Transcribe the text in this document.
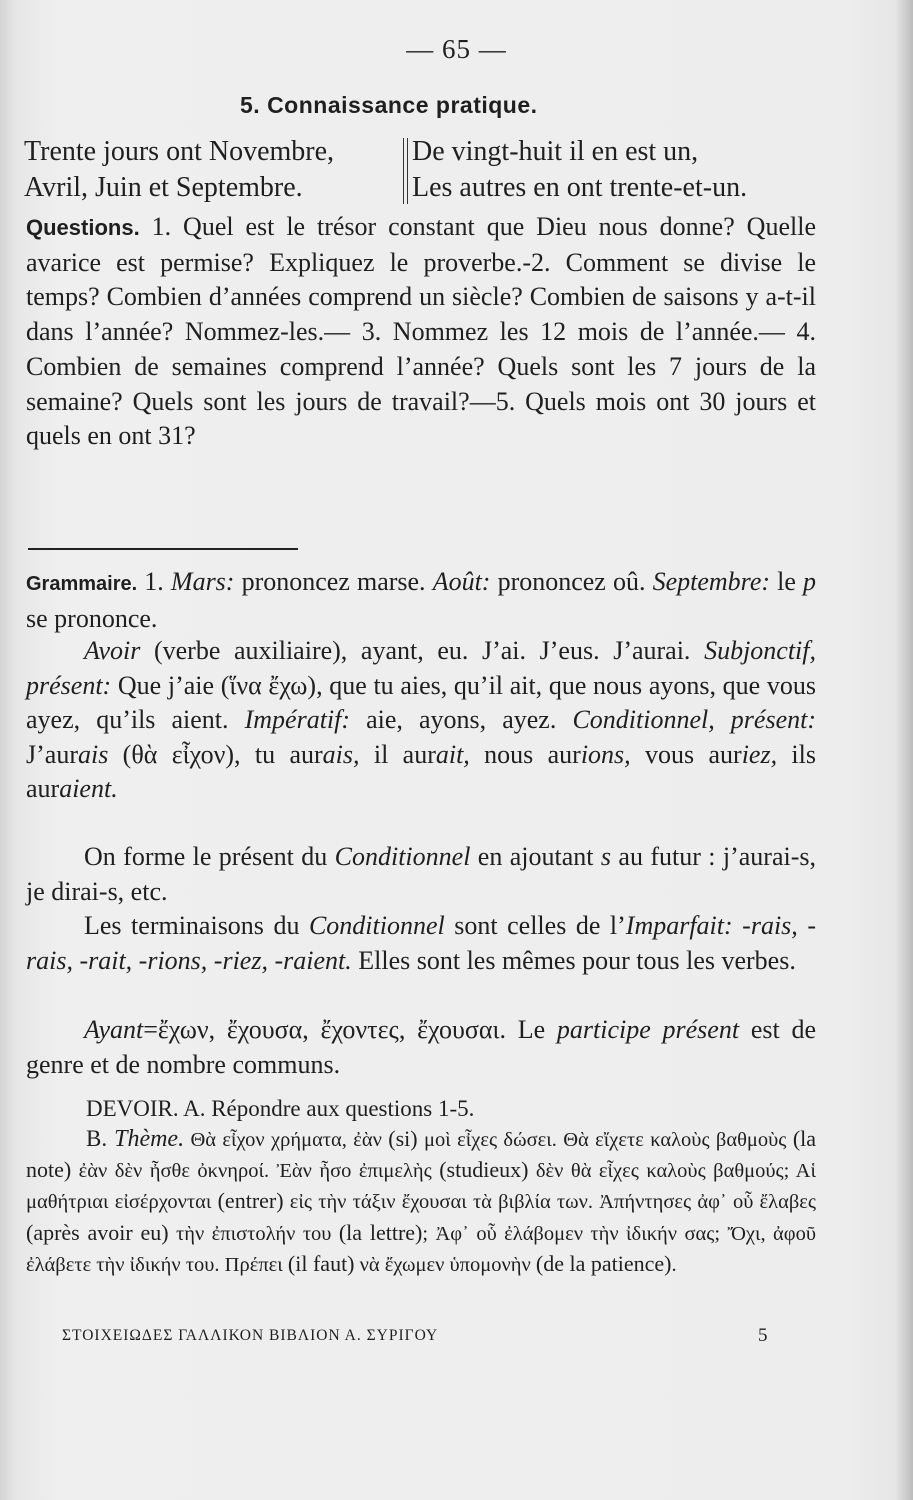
— 65 —
5. Connaissance pratique.
Trente jours ont Novembre,
Avril, Juin et Septembre.
De vingt-huit il en est un,
Les autres en ont trente-et-un.
Questions. 1. Quel est le trésor constant que Dieu nous donne? Quelle avarice est permise? Expliquez le proverbe.-2. Comment se divise le temps? Combien d’années comprend un siècle? Combien de saisons y a-t-il dans l’année? Nommez-les.— 3. Nommez les 12 mois de l’année.— 4. Combien de semaines comprend l’année? Quels sont les 7 jours de la semaine? Quels sont les jours de travail?—5. Quels mois ont 30 jours et quels en ont 31?
Grammaire. 1. Mars: prononcez marse. Août: prononcez oû. Septembre: le p se prononce.
Avoir (verbe auxiliaire), ayant, eu. J’ai. J’eus. J’aurai. Subjonctif, présent: Que j’aie (ἵνα ἔχω), que tu aies, qu’il ait, que nous ayons, que vous ayez, qu’ils aient. Impératif: aie, ayons, ayez. Conditionnel, présent: J’aurais (θὰ εἶχον), tu aurais, il aurait, nous aurions, vous auriez, ils auraient.
On forme le présent du Conditionnel en ajoutant s au futur : j’aurai-s, je dirai-s, etc.
Les terminaisons du Conditionnel sont celles de l’Imparfait: -rais, -rais, -rait, -rions, -riez, -raient. Elles sont les mêmes pour tous les verbes.
Ayant=ἔχων, ἔχουσα, ἔχοντες, ἔχουσαι. Le participe présent est de genre et de nombre communs.
DEVOIR. A. Répondre aux questions 1-5.
B. Thème. Θὰ εἶχον χρήματα, ἐὰν (si) μοὶ εἶχες δώσει. Θὰ εἴχετε καλοὺς βαθμοὺς (la note) ἐὰν δὲν ἦσθε ὀκνηροί. Ἐὰν ἦσο ἐπιμελὴς (studieux) δὲν θὰ εἶχες καλοὺς βαθμούς; Αἱ μαθήτριαι εἰσέρχονται (entrer) εἰς τὴν τάξιν ἔχουσαι τὰ βιβλία των. Ἀπήντησες ἀφ᾿ οὗ ἔλαβες (après avoir eu) τὴν ἐπιστολήν του (la lettre); Ἀφ᾿ οὗ ἐλάβομεν τὴν ἰδικήν σας; Ὄχι, ἀφοῦ ἐλάβετε τὴν ἰδικήν του. Πρέπει (il faut) νὰ ἔχωμεν ὑπομονὴν (de la patience).
ΣΤΟΙΧΕΙΩΔΕΣ ΓΑΛΛΙΚΟΝ ΒΙΒΛΙΟΝ Α. ΣΥΡΙΓΟΥ	5
